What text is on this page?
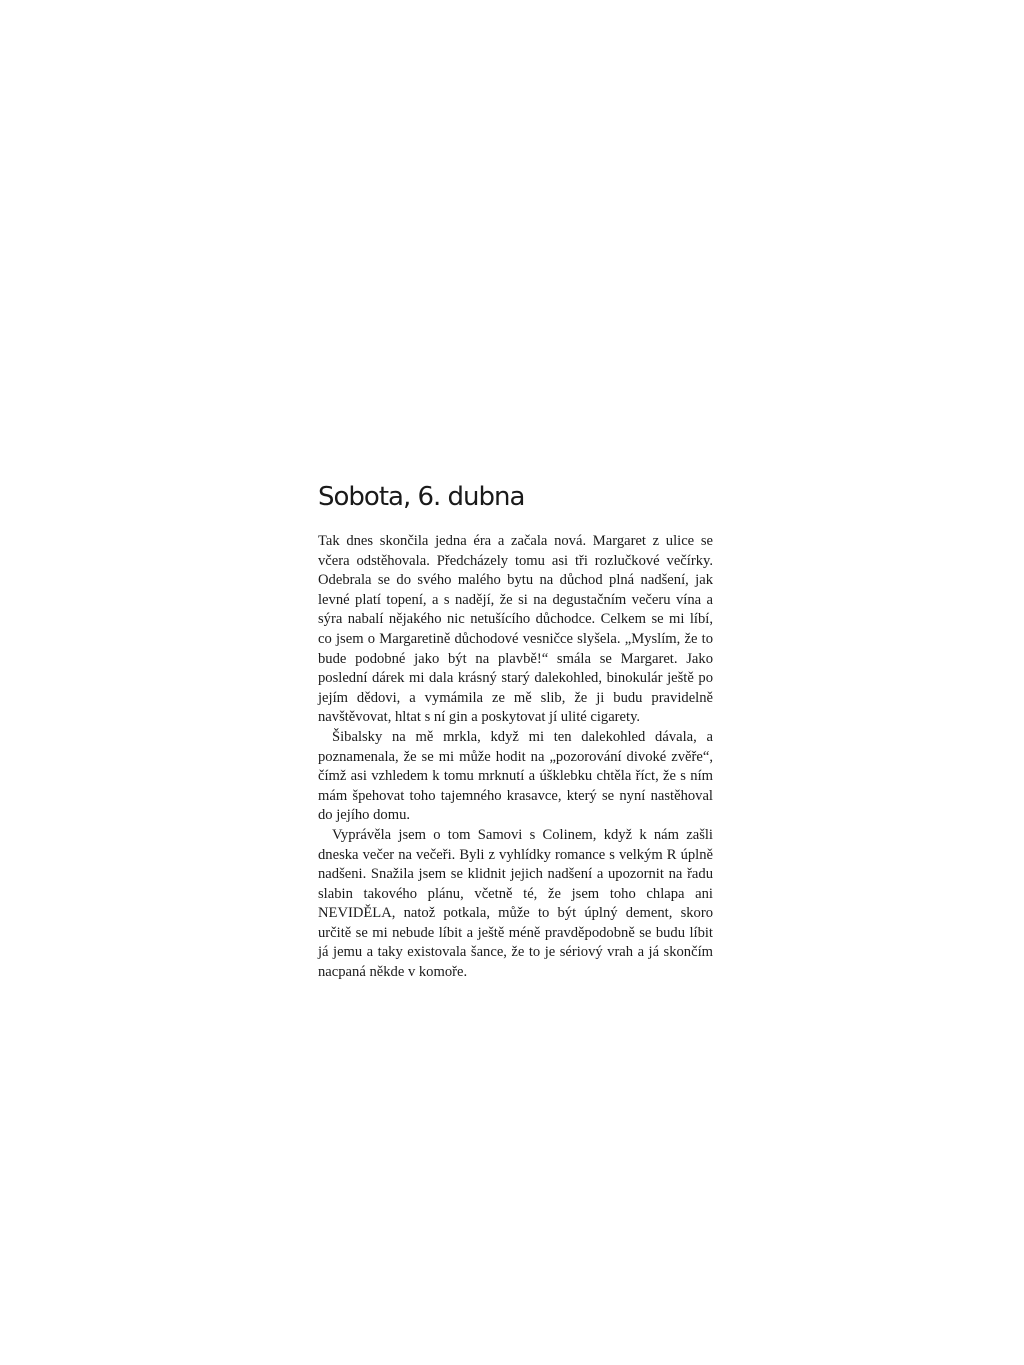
Sobota, 6. dubna

Tak dnes skončila jedna éra a začala nová. Margaret z ulice se včera odstěhovala. Předcházely tomu asi tři rozlučkové večírky. Odebrala se do svého malého bytu na důchod plná nadšení, jak levné platí topení, a s nadějí, že si na degustačním večeru vína a sýra nabalí nějakého nic netušícího důchodce. Celkem se mi líbí, co jsem o Margaretině důchodové vesničce slyšela. „Myslím, že to bude podobné jako být na plavbě!“ smála se Margaret. Jako poslední dárek mi dala krásný starý dalekohled, binokulár ještě po jejím dědovi, a vymámila ze mě slib, že ji budu pravidelně navštěvovat, hltat s ní gin a poskytovat jí ulité cigarety.

Šibalsky na mě mrkla, když mi ten dalekohled dávala, a poznamenala, že se mi může hodit na „pozorování divoké zvěře“, čímž asi vzhledem k tomu mrknutí a úšklebku chtěla říct, že s ním mám špehovat toho tajemného krasavce, který se nyní nastěhoval do jejího domu.

Vyprávěla jsem o tom Samovi s Colinem, když k nám zašli dneska večer na večeři. Byli z vyhlídky romance s velkým R úplně nadšeni. Snažila jsem se klidnit jejich nadšení a upozornit na řadu slabin takového plánu, včetně té, že jsem toho chlapa ani NEVIDĚLA, natož potkala, může to být úplný dement, skoro určitě se mi nebude líbit a ještě méně pravděpodobně se budu líbit já jemu a taky existovala šance, že to je sériový vrah a já skončím nacpaná někde v komoře.
